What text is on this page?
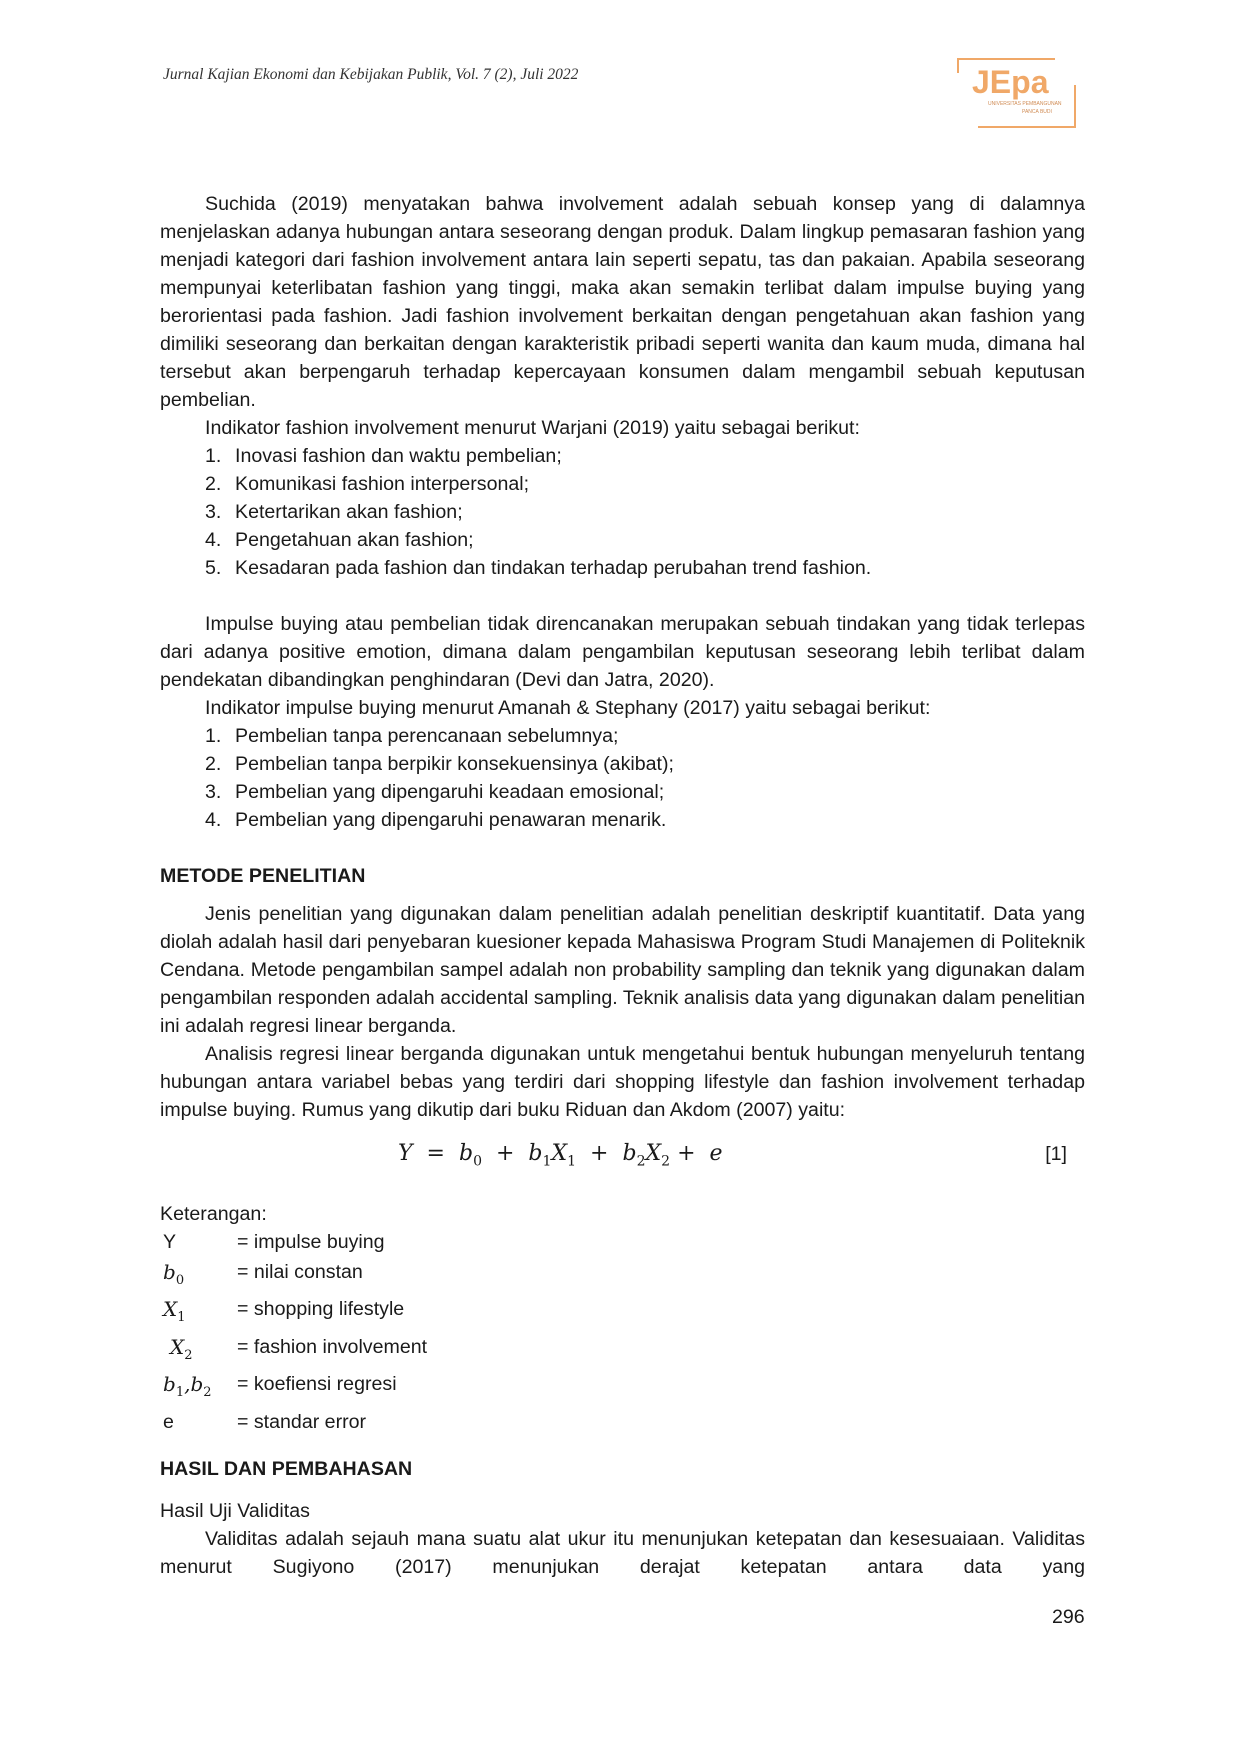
Jurnal Kajian Ekonomi dan Kebijakan Publik, Vol. 7 (2), Juli 2022	JEpa
UNIVERSITAS PEMBANGUNAN
PANCA BUDI

Suchida (2019) menyatakan bahwa involvement adalah sebuah konsep yang di dalamnya menjelaskan adanya hubungan antara seseorang dengan produk. Dalam lingkup pemasaran fashion yang menjadi kategori dari fashion involvement antara lain seperti sepatu, tas dan pakaian. Apabila seseorang mempunyai keterlibatan fashion yang tinggi, maka akan semakin terlibat dalam impulse buying yang berorientasi pada fashion. Jadi fashion involvement berkaitan dengan pengetahuan akan fashion yang dimiliki seseorang dan berkaitan dengan karakteristik pribadi seperti wanita dan kaum muda, dimana hal tersebut akan berpengaruh terhadap kepercayaan konsumen dalam mengambil sebuah keputusan pembelian.

Indikator fashion involvement menurut Warjani (2019) yaitu sebagai berikut:

1. Inovasi fashion dan waktu pembelian;
2. Komunikasi fashion interpersonal;
3. Ketertarikan akan fashion;
4. Pengetahuan akan fashion;
5. Kesadaran pada fashion dan tindakan terhadap perubahan trend fashion.

Impulse buying atau pembelian tidak direncanakan merupakan sebuah tindakan yang tidak terlepas dari adanya positive emotion, dimana dalam pengambilan keputusan seseorang lebih terlibat dalam pendekatan dibandingkan penghindaran (Devi dan Jatra, 2020).

Indikator impulse buying menurut Amanah & Stephany (2017) yaitu sebagai berikut:

1. Pembelian tanpa perencanaan sebelumnya;
2. Pembelian tanpa berpikir konsekuensinya (akibat);
3. Pembelian yang dipengaruhi keadaan emosional;
4. Pembelian yang dipengaruhi penawaran menarik.

METODE PENELITIAN

Jenis penelitian yang digunakan dalam penelitian adalah penelitian deskriptif kuantitatif. Data yang diolah adalah hasil dari penyebaran kuesioner kepada Mahasiswa Program Studi Manajemen di Politeknik Cendana. Metode pengambilan sampel adalah non probability sampling dan teknik yang digunakan dalam pengambilan responden adalah accidental sampling. Teknik analisis data yang digunakan dalam penelitian ini adalah regresi linear berganda.

Analisis regresi linear berganda digunakan untuk mengetahui bentuk hubungan menyeluruh tentang hubungan antara variabel bebas yang terdiri dari shopping lifestyle dan fashion involvement terhadap impulse buying. Rumus yang dikutip dari buku Riduan dan Akdom (2007) yaitu:

$Y = b_0 + b_1X_1 + b_2X_2 + e$	[1]

Keterangan:

Y	= impulse buying
$b_0$	= nilai constan
$X_1$	= shopping lifestyle
$X_2$	= fashion involvement
$b_1,b_2$	= koefiensi regresi
e	= standar error

HASIL DAN PEMBAHASAN

Hasil Uji Validitas

Validitas adalah sejauh mana suatu alat ukur itu menunjukan ketepatan dan kesesuaiaan. Validitas menurut Sugiyono (2017) menunjukan derajat ketepatan antara data yang

296
